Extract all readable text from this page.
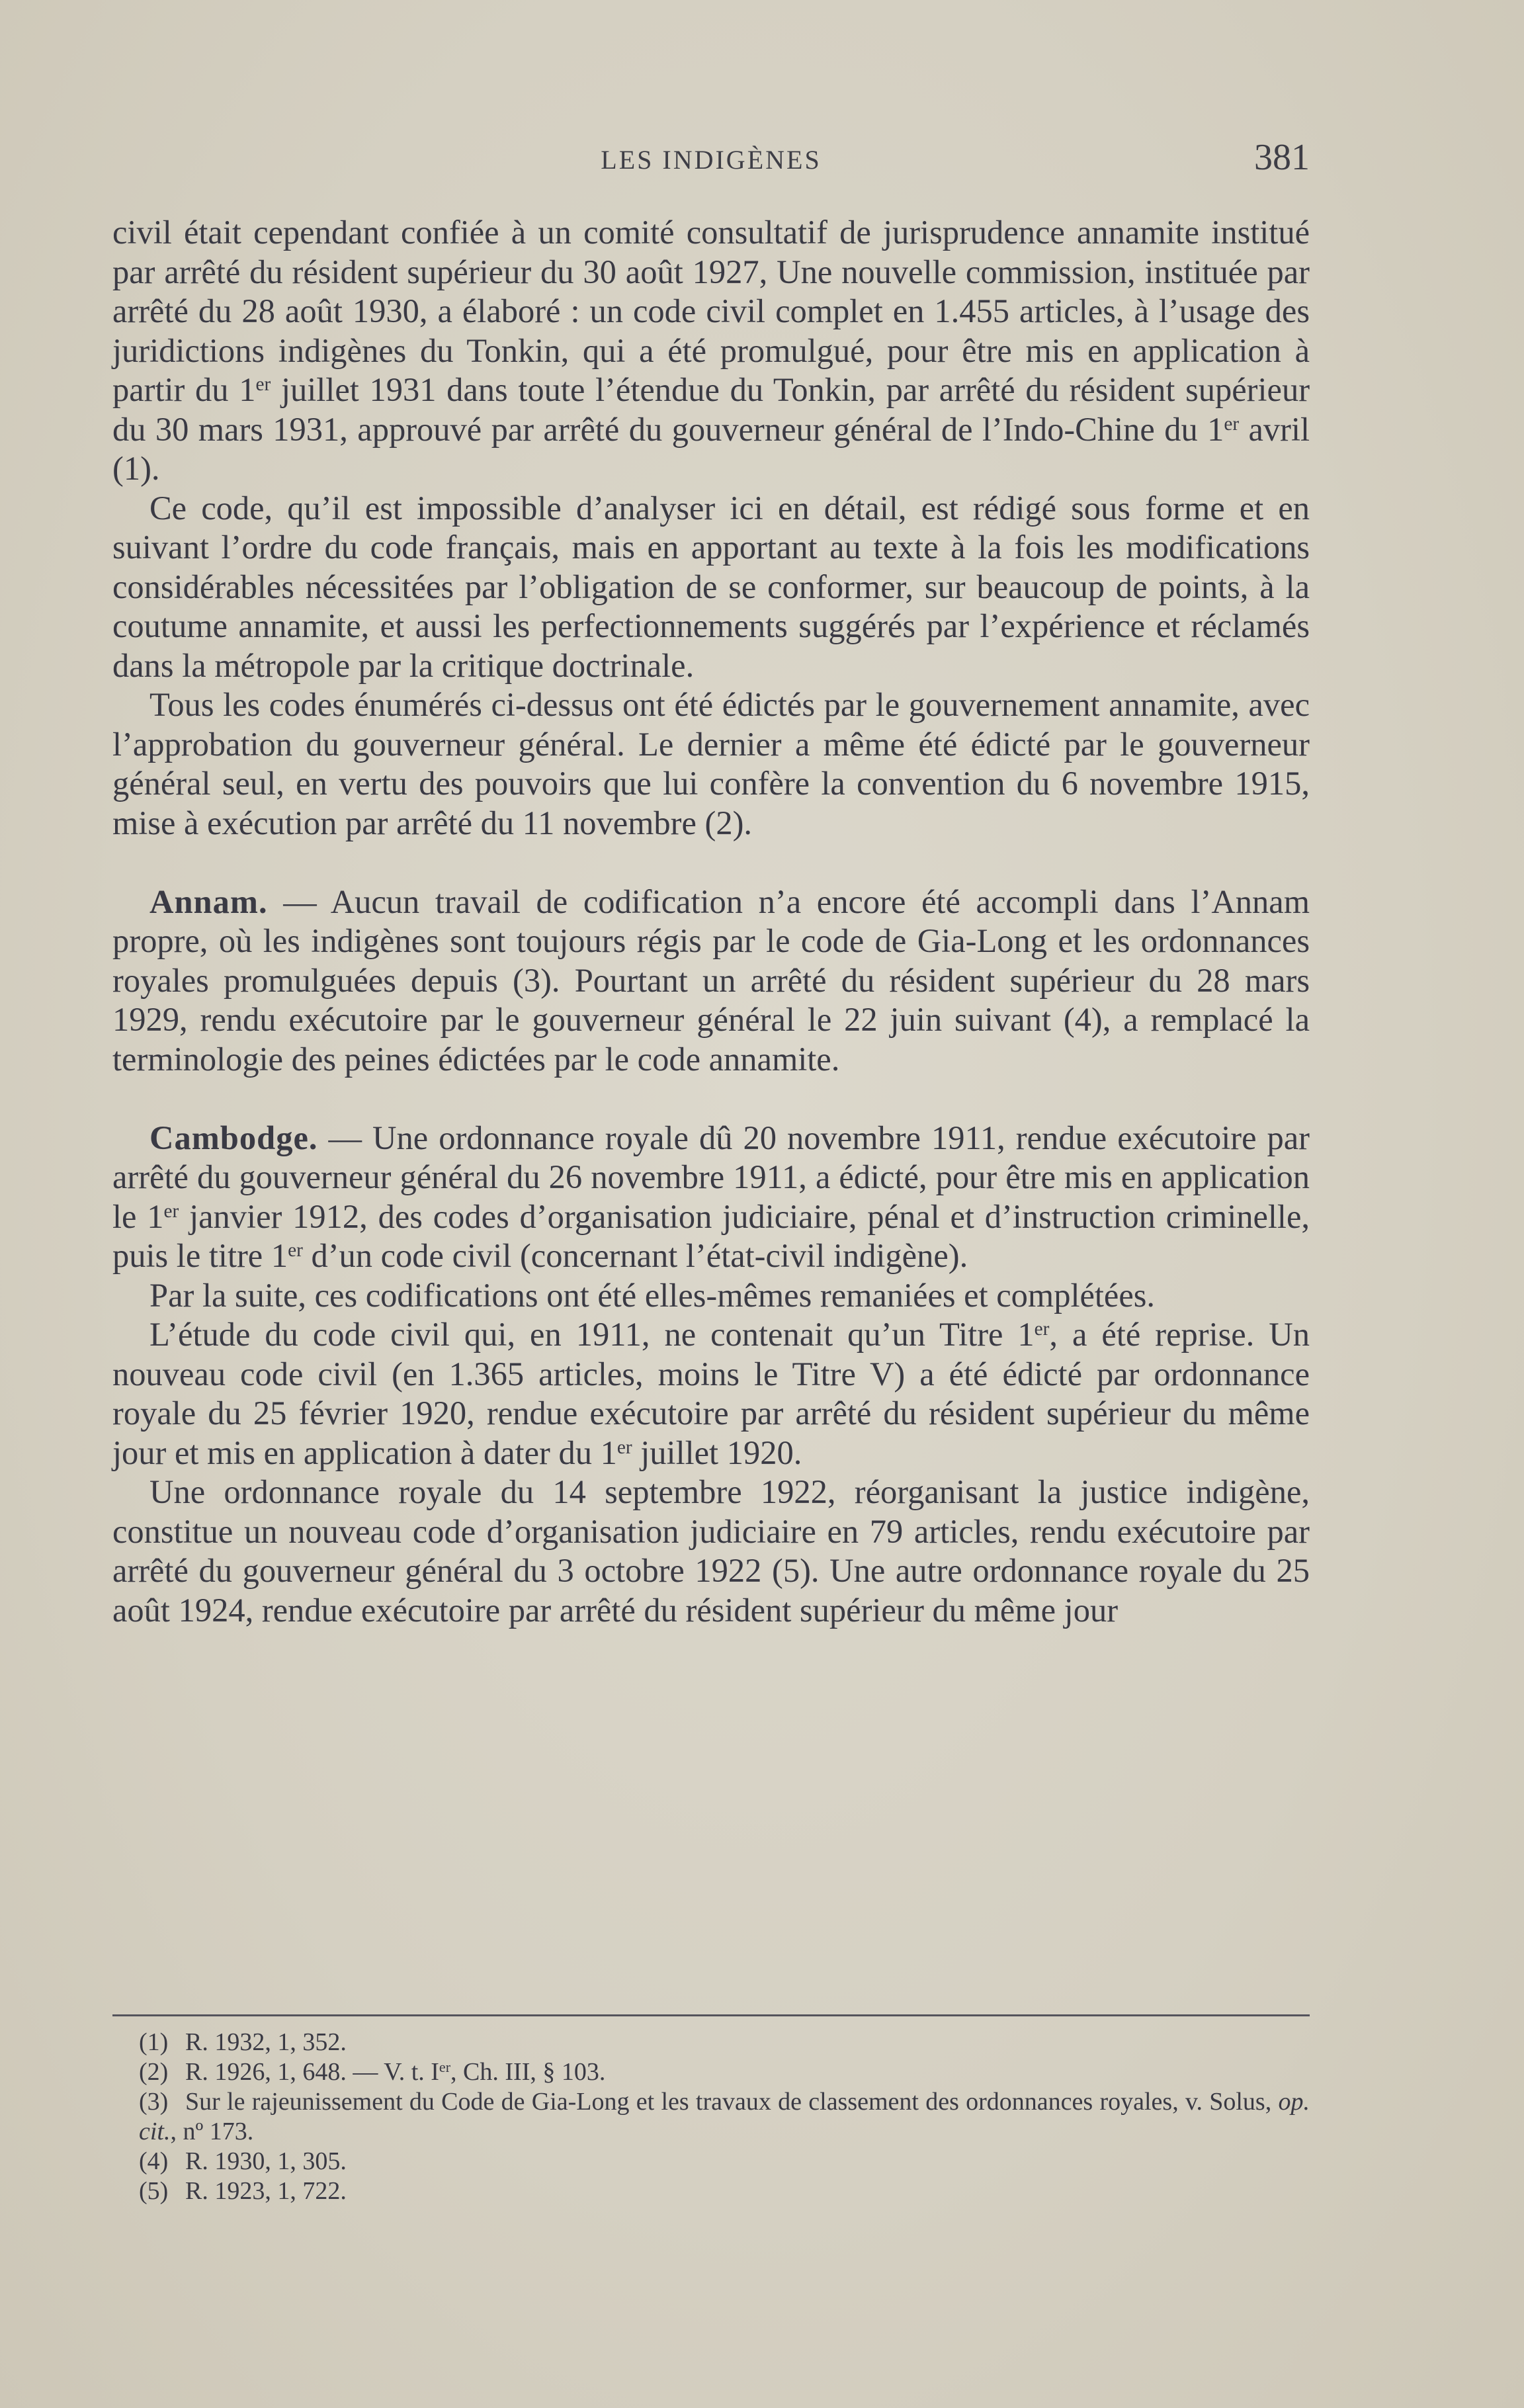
LES INDIGÈNES	381

civil était cependant confiée à un comité consultatif de jurisprudence annamite institué par arrêté du résident supérieur du 30 août 1927, Une nouvelle commission, instituée par arrêté du 28 août 1930, a élaboré : un code civil complet en 1.455 articles, à l’usage des juridictions indigènes du Tonkin, qui a été promulgué, pour être mis en application à partir du 1er juillet 1931 dans toute l’étendue du Tonkin, par arrêté du résident supérieur du 30 mars 1931, approuvé par arrêté du gouverneur général de l’Indo-Chine du 1er avril (1).

Ce code, qu’il est impossible d’analyser ici en détail, est rédigé sous forme et en suivant l’ordre du code français, mais en apportant au texte à la fois les modifications considérables nécessitées par l’obligation de se conformer, sur beaucoup de points, à la coutume annamite, et aussi les perfectionnements suggérés par l’expérience et réclamés dans la métropole par la critique doctrinale.

Tous les codes énumérés ci-dessus ont été édictés par le gouvernement annamite, avec l’approbation du gouverneur général. Le dernier a même été édicté par le gouverneur général seul, en vertu des pouvoirs que lui confère la convention du 6 novembre 1915, mise à exécution par arrêté du 11 novembre (2).

Annam. — Aucun travail de codification n’a encore été accompli dans l’Annam propre, où les indigènes sont toujours régis par le code de Gia-Long et les ordonnances royales promulguées depuis (3). Pourtant un arrêté du résident supérieur du 28 mars 1929, rendu exécutoire par le gouverneur général le 22 juin suivant (4), a remplacé la terminologie des peines édictées par le code annamite.

Cambodge. — Une ordonnance royale dû 20 novembre 1911, rendue exécutoire par arrêté du gouverneur général du 26 novembre 1911, a édicté, pour être mis en application le 1er janvier 1912, des codes d’organisation judiciaire, pénal et d’instruction criminelle, puis le titre 1er d’un code civil (concernant l’état-civil indigène).

Par la suite, ces codifications ont été elles-mêmes remaniées et complétées.

L’étude du code civil qui, en 1911, ne contenait qu’un Titre 1er, a été reprise. Un nouveau code civil (en 1.365 articles, moins le Titre V) a été édicté par ordonnance royale du 25 février 1920, rendue exécutoire par arrêté du résident supérieur du même jour et mis en application à dater du 1er juillet 1920.

Une ordonnance royale du 14 septembre 1922, réorganisant la justice indigène, constitue un nouveau code d’organisation judiciaire en 79 articles, rendu exécutoire par arrêté du gouverneur général du 3 octobre 1922 (5). Une autre ordonnance royale du 25 août 1924, rendue exécutoire par arrêté du résident supérieur du même jour

(1) R. 1932, 1, 352.

(2) R. 1926, 1, 648. — V. t. Ier, Ch. III, § 103.

(3) Sur le rajeunissement du Code de Gia-Long et les travaux de classement des ordonnances royales, v. Solus, op. cit., nº 173.

(4) R. 1930, 1, 305.

(5) R. 1923, 1, 722.
